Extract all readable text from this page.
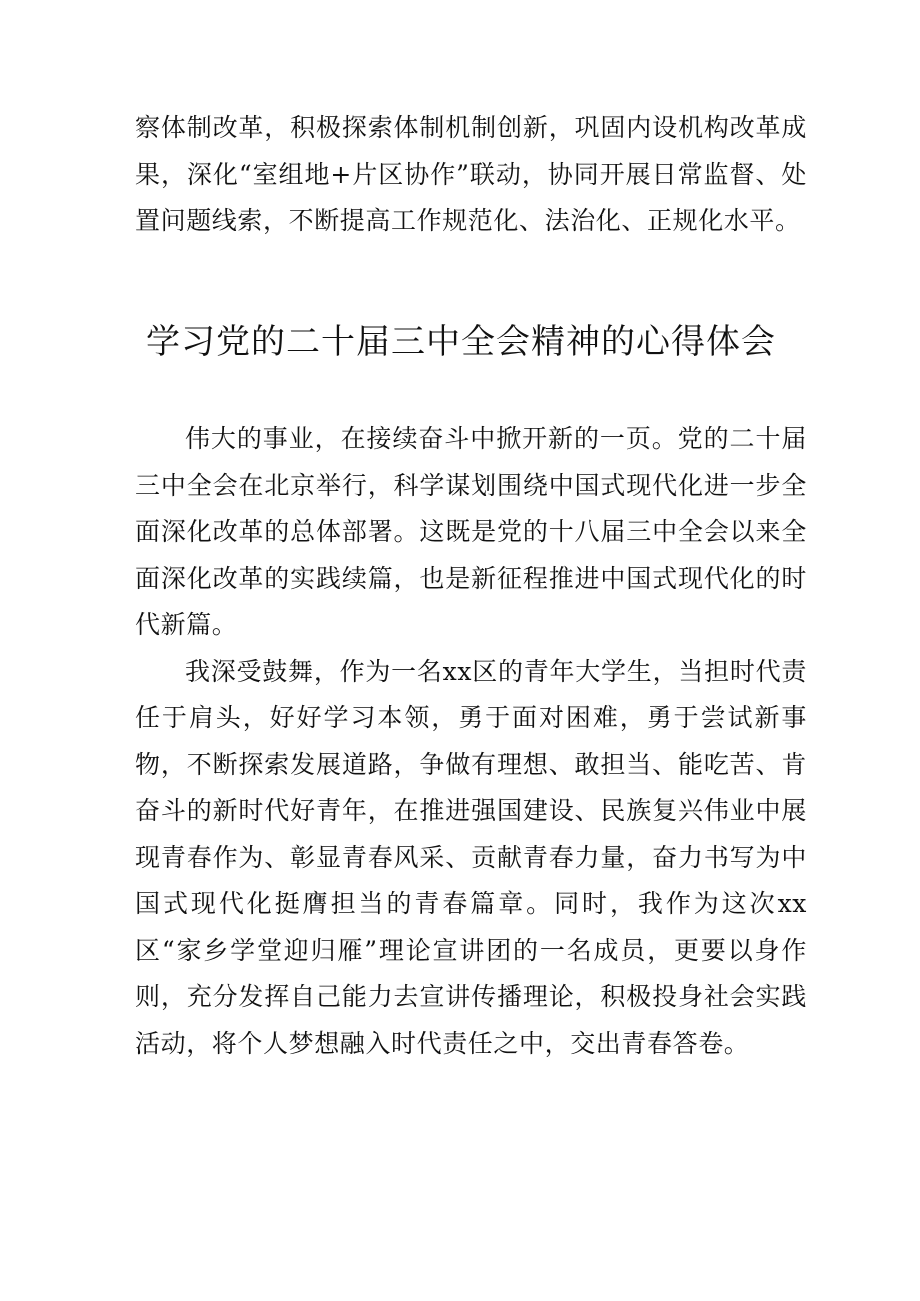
察体制改革，积极探索体制机制创新，巩固内设机构改革成果，深化“室组地+片区协作”联动，协同开展日常监督、处置问题线索，不断提高工作规范化、法治化、正规化水平。

学习党的二十届三中全会精神的心得体会

伟大的事业，在接续奋斗中掀开新的一页。党的二十届三中全会在北京举行，科学谋划围绕中国式现代化进一步全面深化改革的总体部署。这既是党的十八届三中全会以来全面深化改革的实践续篇，也是新征程推进中国式现代化的时代新篇。

我深受鼓舞，作为一名xx区的青年大学生，当担时代责任于肩头，好好学习本领，勇于面对困难，勇于尝试新事物，不断探索发展道路，争做有理想、敢担当、能吃苦、肯奋斗的新时代好青年，在推进强国建设、民族复兴伟业中展现青春作为、彰显青春风采、贡献青春力量，奋力书写为中国式现代化挺膺担当的青春篇章。同时，我作为这次xx区“家乡学堂迎归雁”理论宣讲团的一名成员，更要以身作则，充分发挥自己能力去宣讲传播理论，积极投身社会实践活动，将个人梦想融入时代责任之中，交出青春答卷。
